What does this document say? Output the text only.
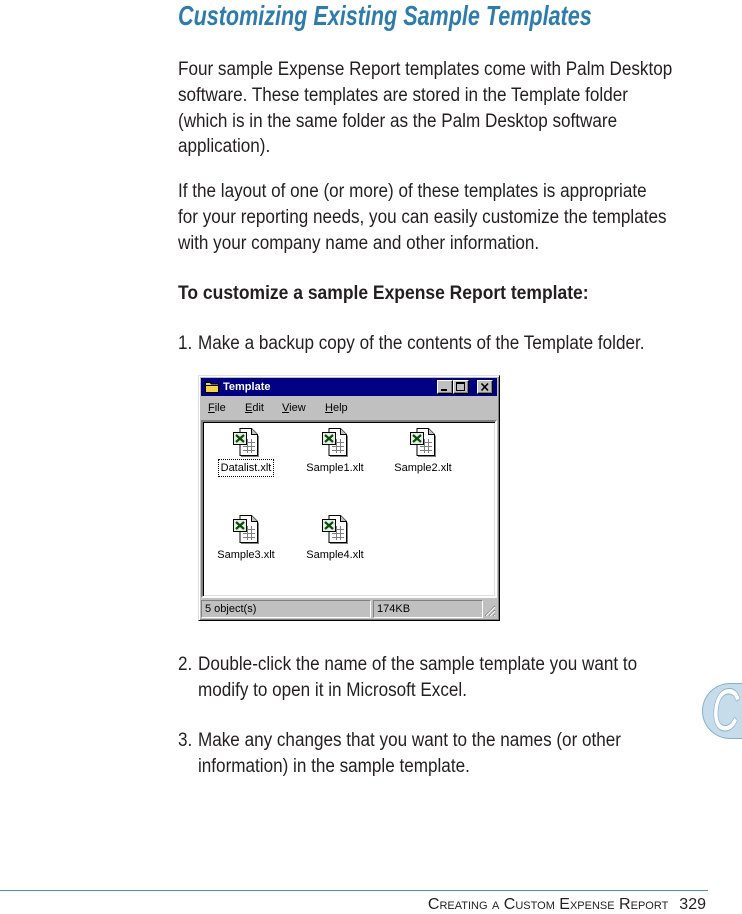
Customizing Existing Sample Templates
Four sample Expense Report templates come with Palm Desktop
software. These templates are stored in the Template folder
(which is in the same folder as the Palm Desktop software
application).
If the layout of one (or more) of these templates is appropriate
for your reporting needs, you can easily customize the templates
with your company name and other information.
To customize a sample Expense Report template:
1. Make a backup copy of the contents of the Template folder.
Template
File Edit View Help
Datalist.xlt	Sample1.xlt	Sample2.xlt
Sample3.xlt	Sample4.xlt
5 object(s)	174KB
2. Double-click the name of the sample template you want to
modify to open it in Microsoft Excel.
3. Make any changes that you want to the names (or other
information) in the sample template.
C
Creating a Custom Expense Report 329
